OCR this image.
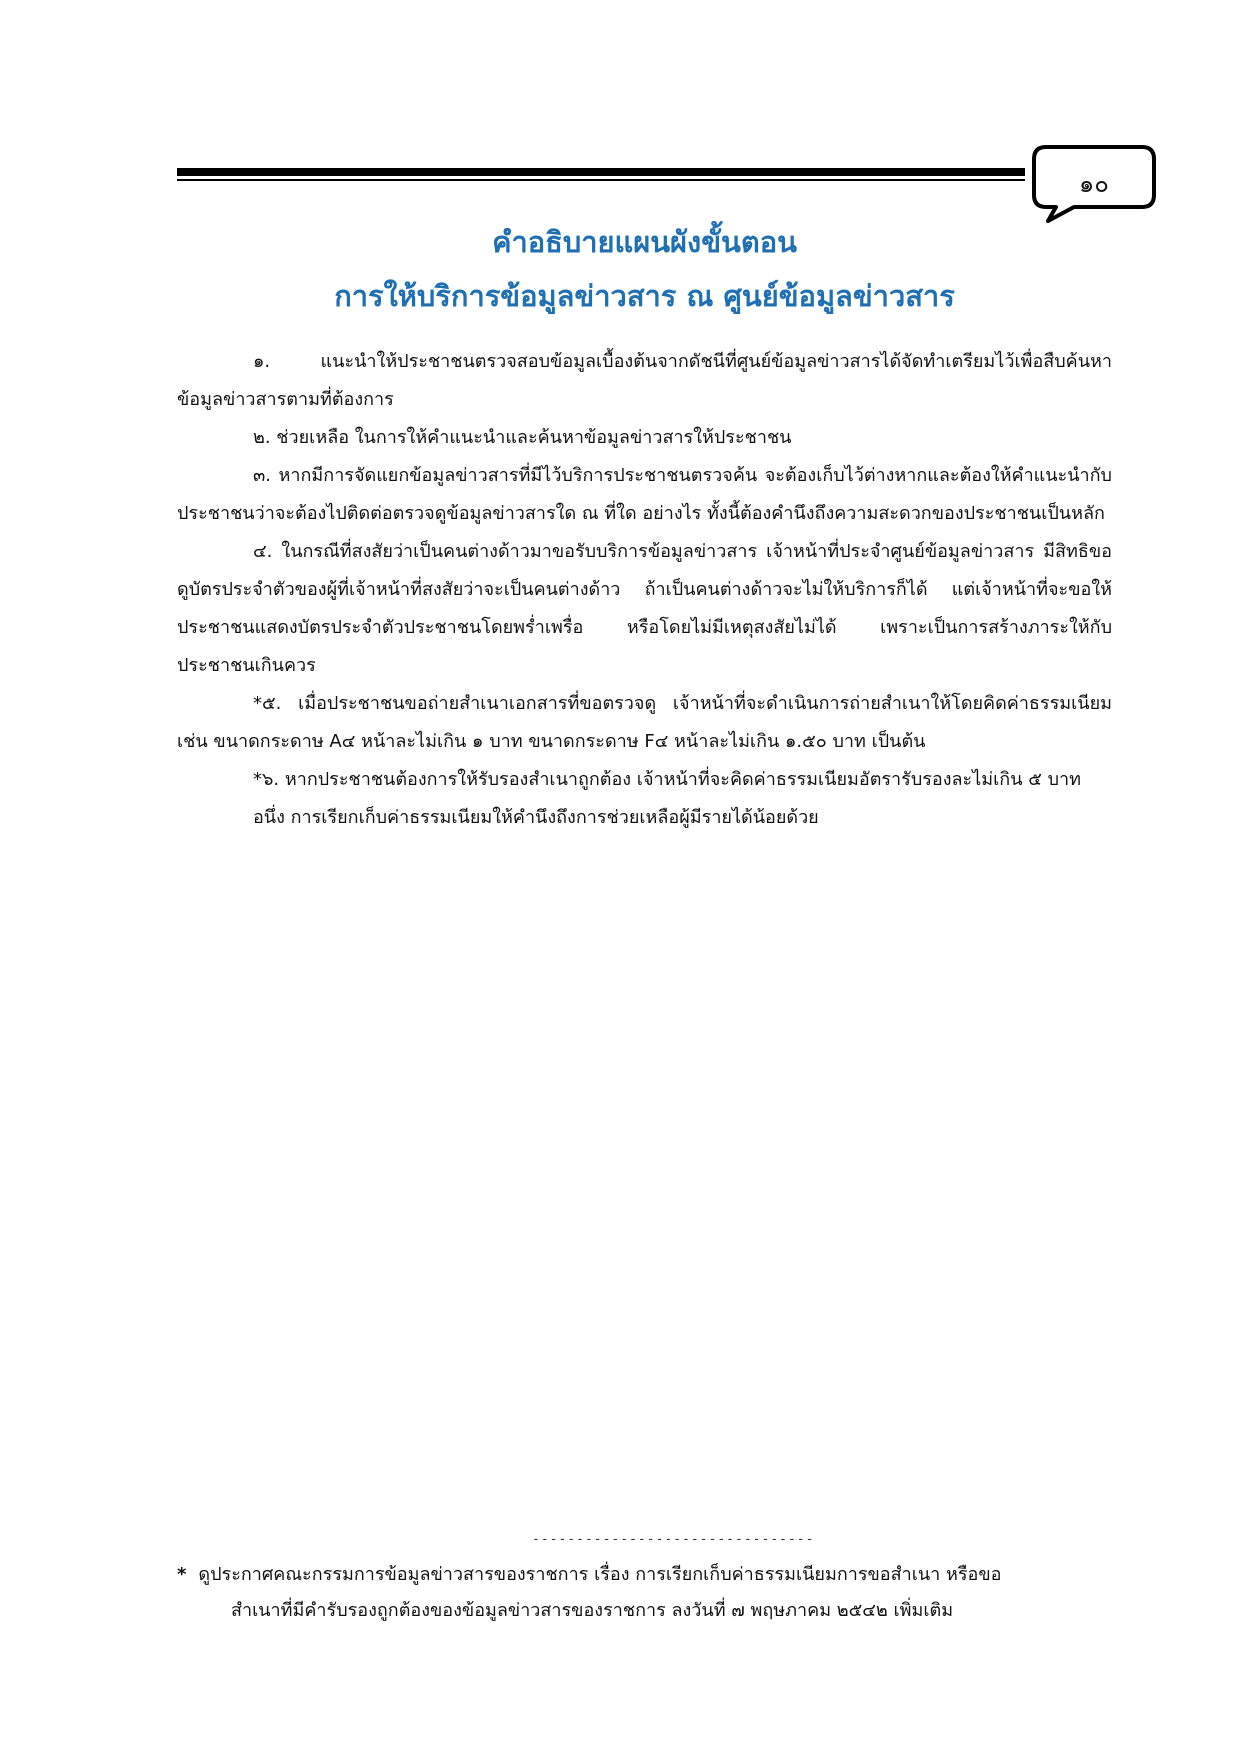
๑๐
คำอธิบายแผนผังขั้นตอน
การให้บริการข้อมูลข่าวสาร ณ ศูนย์ข้อมูลข่าวสาร

๑. แนะนำให้ประชาชนตรวจสอบข้อมูลเบื้องต้นจากดัชนีที่ศูนย์ข้อมูลข่าวสารได้จัดทำเตรียมไว้เพื่อสืบค้นหาข้อมูลข่าวสารตามที่ต้องการ

๒. ช่วยเหลือ ในการให้คำแนะนำและค้นหาข้อมูลข่าวสารให้ประชาชน

๓. หากมีการจัดแยกข้อมูลข่าวสารที่มีไว้บริการประชาชนตรวจค้น จะต้องเก็บไว้ต่างหากและต้องให้คำแนะนำกับประชาชนว่าจะต้องไปติดต่อตรวจดูข้อมูลข่าวสารใด ณ ที่ใด อย่างไร ทั้งนี้ต้องคำนึงถึงความสะดวกของประชาชนเป็นหลัก

๔. ในกรณีที่สงสัยว่าเป็นคนต่างด้าวมาขอรับบริการข้อมูลข่าวสาร เจ้าหน้าที่ประจำศูนย์ข้อมูลข่าวสาร มีสิทธิขอดูบัตรประจำตัวของผู้ที่เจ้าหน้าที่สงสัยว่าจะเป็นคนต่างด้าว ถ้าเป็นคนต่างด้าวจะไม่ให้บริการก็ได้ แต่เจ้าหน้าที่จะขอให้ประชาชนแสดงบัตรประจำตัวประชาชนโดยพร่ำเพรื่อ หรือโดยไม่มีเหตุสงสัยไม่ได้ เพราะเป็นการสร้างภาระให้กับประชาชนเกินควร

*๕. เมื่อประชาชนขอถ่ายสำเนาเอกสารที่ขอตรวจดู เจ้าหน้าที่จะดำเนินการถ่ายสำเนาให้โดยคิดค่าธรรมเนียม เช่น ขนาดกระดาษ A๔ หน้าละไม่เกิน ๑ บาท ขนาดกระดาษ F๔ หน้าละไม่เกิน ๑.๕๐ บาท เป็นต้น

*๖. หากประชาชนต้องการให้รับรองสำเนาถูกต้อง เจ้าหน้าที่จะคิดค่าธรรมเนียมอัตรารับรองละไม่เกิน ๕ บาท

อนึ่ง การเรียกเก็บค่าธรรมเนียมให้คำนึงถึงการช่วยเหลือผู้มีรายได้น้อยด้วย

--------------------------------

* ดูประกาศคณะกรรมการข้อมูลข่าวสารของราชการ เรื่อง การเรียกเก็บค่าธรรมเนียมการขอสำเนา หรือขอ

สำเนาที่มีคำรับรองถูกต้องของข้อมูลข่าวสารของราชการ ลงวันที่ ๗ พฤษภาคม ๒๕๔๒ เพิ่มเติม
